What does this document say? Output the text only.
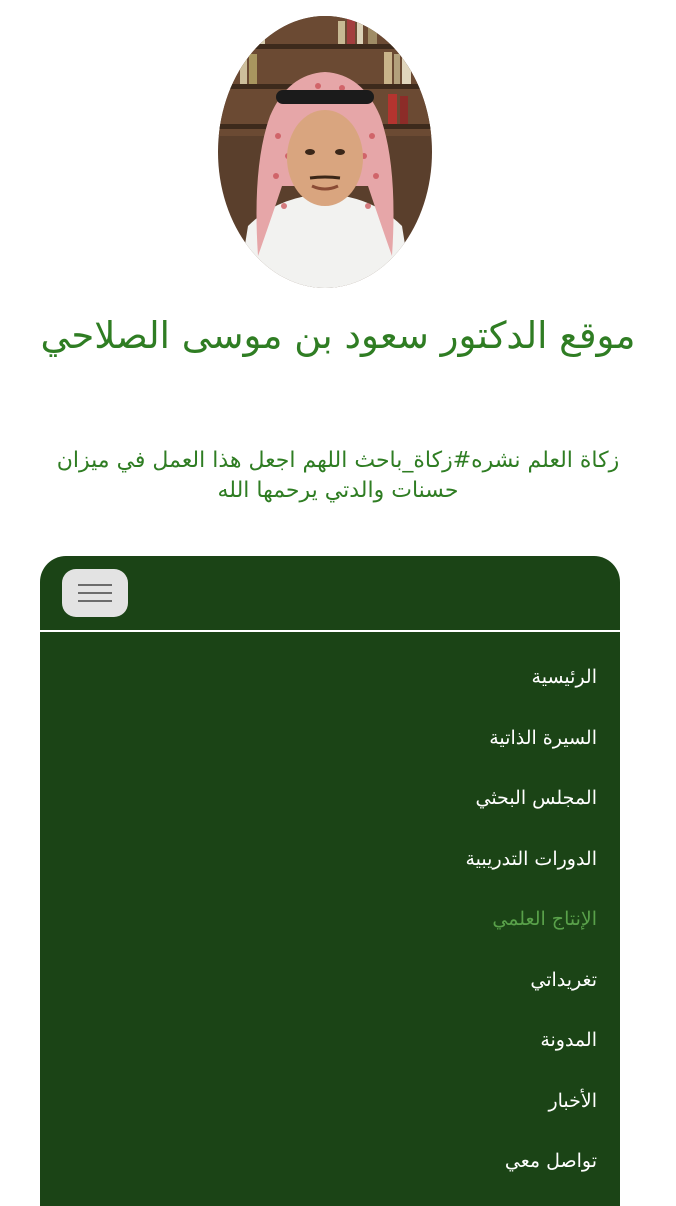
موقع الدكتور سعود بن موسى الصلاحي

زكاة العلم نشره#زكاة_باحث اللهم اجعل هذا العمل في ميزان حسنات والدتي يرحمها الله

الرئيسية
السيرة الذاتية
المجلس البحثي
الدورات التدريبية
الإنتاج العلمي
تغريداتي
المدونة
الأخبار
تواصل معي
